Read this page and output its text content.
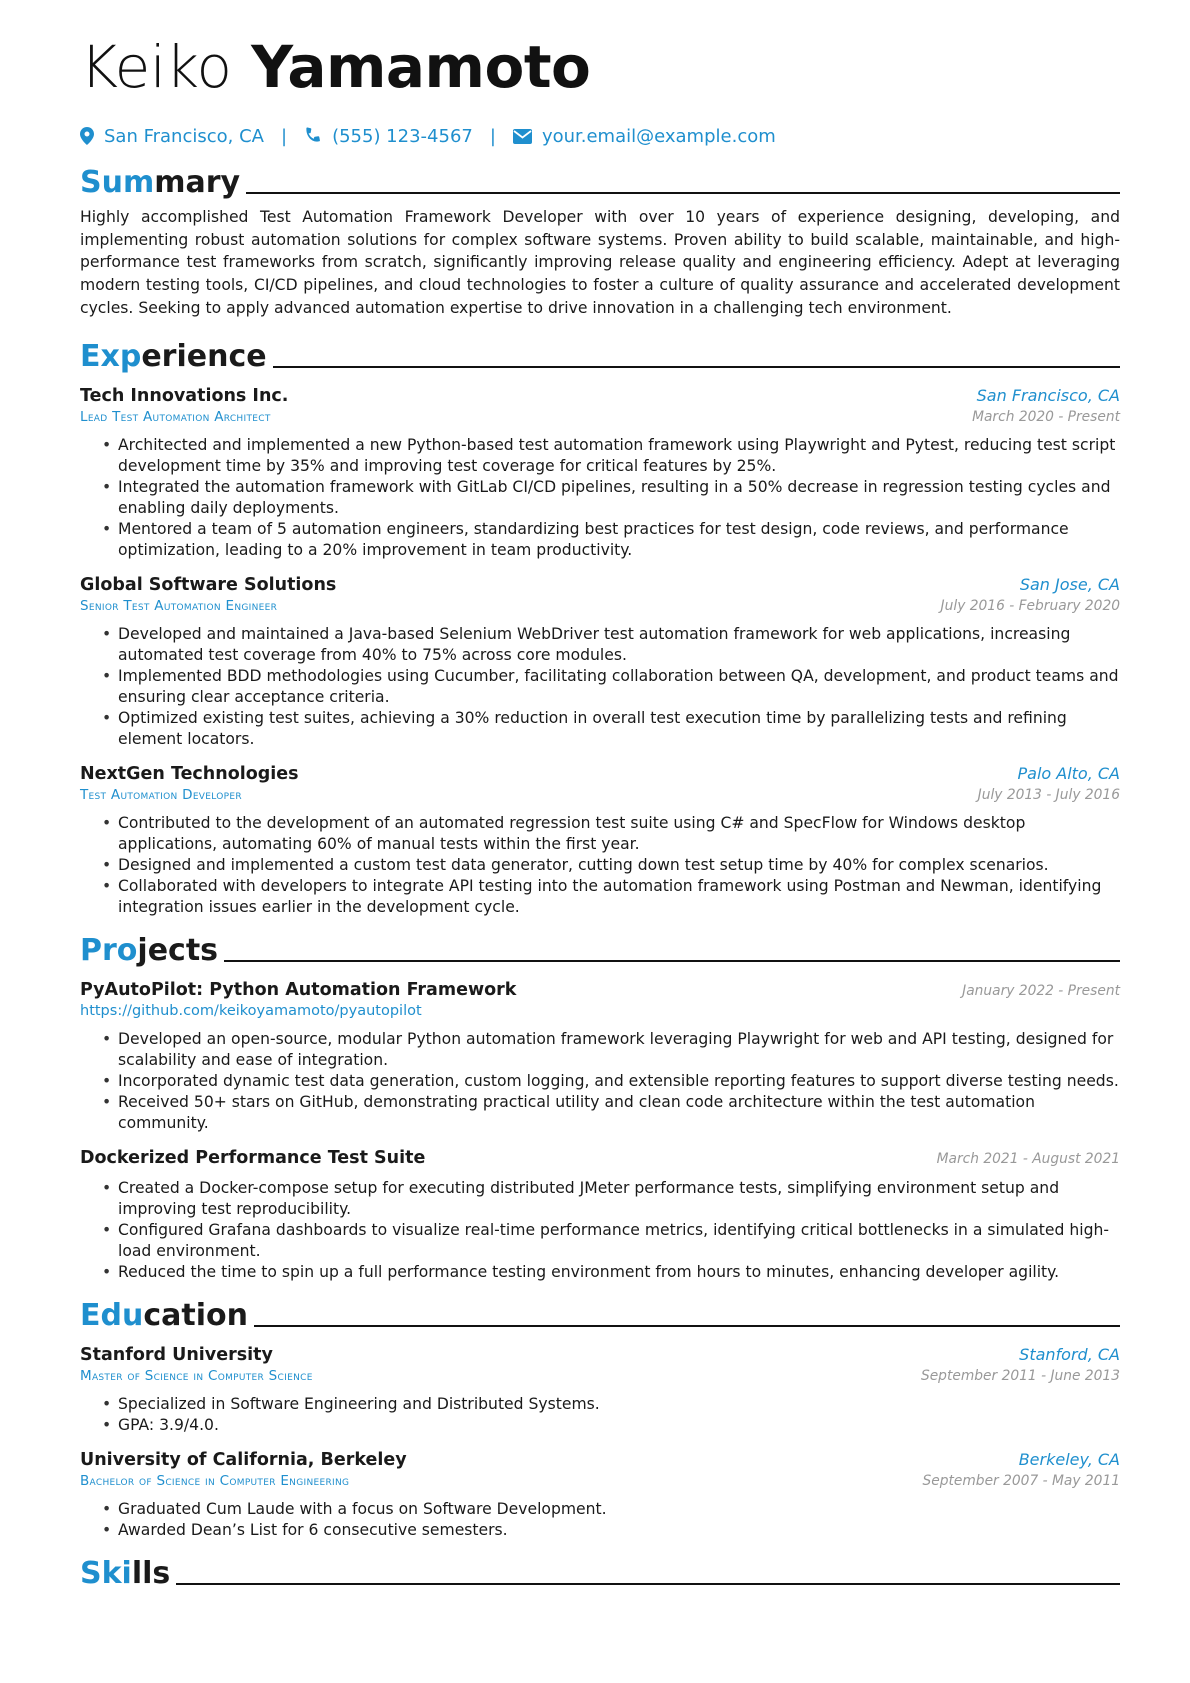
Keiko Yamamoto
San Francisco, CA |	(555) 123-4567 |	your.email@example.com
Summary
Highly accomplished Test Automation Framework Developer with over 10 years of experience designing, developing, and implementing robust automation solutions for complex software systems. Proven ability to build scalable, maintainable, and high-performance test frameworks from scratch, significantly improving release quality and engineering efficiency. Adept at leveraging modern testing tools, CI/CD pipelines, and cloud technologies to foster a culture of quality assurance and accelerated development cycles. Seeking to apply advanced automation expertise to drive innovation in a challenging tech environment.
Experience
Tech Innovations Inc.	San Francisco, CA
Lead Test Automation Architect	March 2020 - Present
• Architected and implemented a new Python-based test automation framework using Playwright and Pytest, reducing test script development time by 35% and improving test coverage for critical features by 25%.
• Integrated the automation framework with GitLab CI/CD pipelines, resulting in a 50% decrease in regression testing cycles and enabling daily deployments.
• Mentored a team of 5 automation engineers, standardizing best practices for test design, code reviews, and performance optimization, leading to a 20% improvement in team productivity.
Global Software Solutions	San Jose, CA
Senior Test Automation Engineer	July 2016 - February 2020
• Developed and maintained a Java-based Selenium WebDriver test automation framework for web applications, increasing automated test coverage from 40% to 75% across core modules.
• Implemented BDD methodologies using Cucumber, facilitating collaboration between QA, development, and product teams and ensuring clear acceptance criteria.
• Optimized existing test suites, achieving a 30% reduction in overall test execution time by parallelizing tests and refining element locators.
NextGen Technologies	Palo Alto, CA
Test Automation Developer	July 2013 - July 2016
• Contributed to the development of an automated regression test suite using C# and SpecFlow for Windows desktop applications, automating 60% of manual tests within the first year.
• Designed and implemented a custom test data generator, cutting down test setup time by 40% for complex scenarios.
• Collaborated with developers to integrate API testing into the automation framework using Postman and Newman, identifying integration issues earlier in the development cycle.
Projects
PyAutoPilot: Python Automation Framework	January 2022 - Present
https://github.com/keikoyamamoto/pyautopilot
• Developed an open-source, modular Python automation framework leveraging Playwright for web and API testing, designed for scalability and ease of integration.
• Incorporated dynamic test data generation, custom logging, and extensible reporting features to support diverse testing needs.
• Received 50+ stars on GitHub, demonstrating practical utility and clean code architecture within the test automation community.
Dockerized Performance Test Suite	March 2021 - August 2021
• Created a Docker-compose setup for executing distributed JMeter performance tests, simplifying environment setup and improving test reproducibility.
• Configured Grafana dashboards to visualize real-time performance metrics, identifying critical bottlenecks in a simulated high-load environment.
• Reduced the time to spin up a full performance testing environment from hours to minutes, enhancing developer agility.
Education
Stanford University	Stanford, CA
Master of Science in Computer Science	September 2011 - June 2013
• Specialized in Software Engineering and Distributed Systems.
• GPA: 3.9/4.0.
University of California, Berkeley	Berkeley, CA
Bachelor of Science in Computer Engineering	September 2007 - May 2011
• Graduated Cum Laude with a focus on Software Development.
• Awarded Dean’s List for 6 consecutive semesters.
Skills
